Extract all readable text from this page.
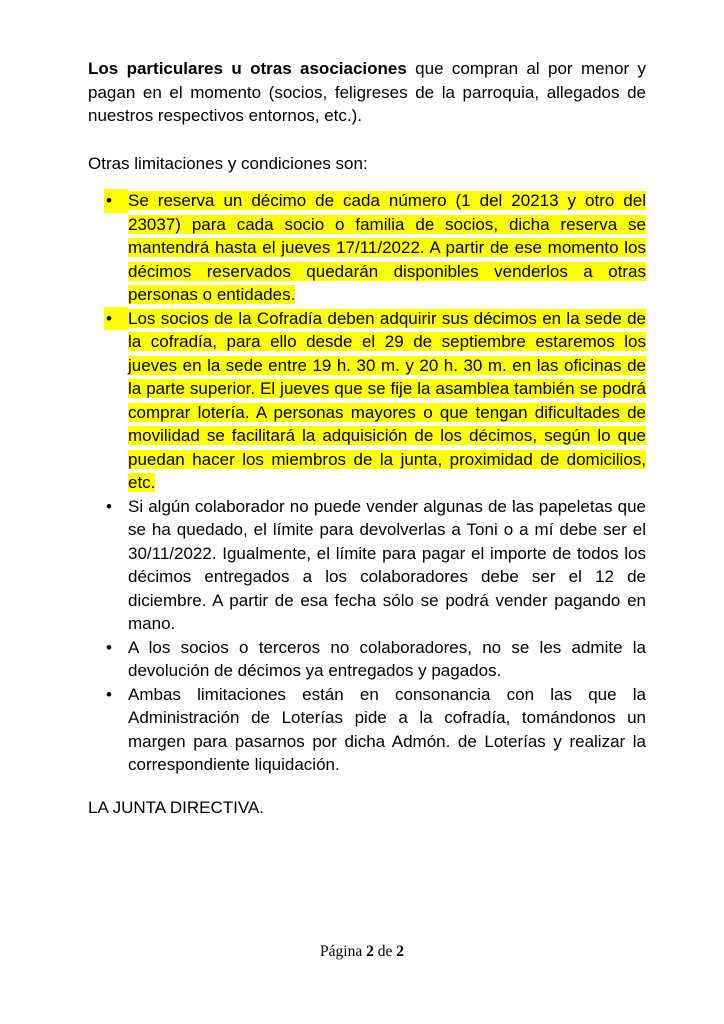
Los particulares u otras asociaciones que compran al por menor y pagan en el momento (socios, feligreses de la parroquia, allegados de nuestros respectivos entornos, etc.).

Otras limitaciones y condiciones son:

• Se reserva un décimo de cada número (1 del 20213 y otro del 23037) para cada socio o familia de socios, dicha reserva se mantendrá hasta el jueves 17/11/2022. A partir de ese momento los décimos reservados quedarán disponibles venderlos a otras personas o entidades.
• Los socios de la Cofradía deben adquirir sus décimos en la sede de la cofradía, para ello desde el 29 de septiembre estaremos los jueves en la sede entre 19 h. 30 m. y 20 h. 30 m. en las oficinas de la parte superior. El jueves que se fije la asamblea también se podrá comprar lotería. A personas mayores o que tengan dificultades de movilidad se facilitará la adquisición de los décimos, según lo que puedan hacer los miembros de la junta, proximidad de domicilios, etc.
• Si algún colaborador no puede vender algunas de las papeletas que se ha quedado, el límite para devolverlas a Toni o a mí debe ser el 30/11/2022. Igualmente, el límite para pagar el importe de todos los décimos entregados a los colaboradores debe ser el 12 de diciembre. A partir de esa fecha sólo se podrá vender pagando en mano.
• A los socios o terceros no colaboradores, no se les admite la devolución de décimos ya entregados y pagados.
• Ambas limitaciones están en consonancia con las que la Administración de Loterías pide a la cofradía, tomándonos un margen para pasarnos por dicha Admón. de Loterías y realizar la correspondiente liquidación.

LA JUNTA DIRECTIVA.

Página 2 de 2
